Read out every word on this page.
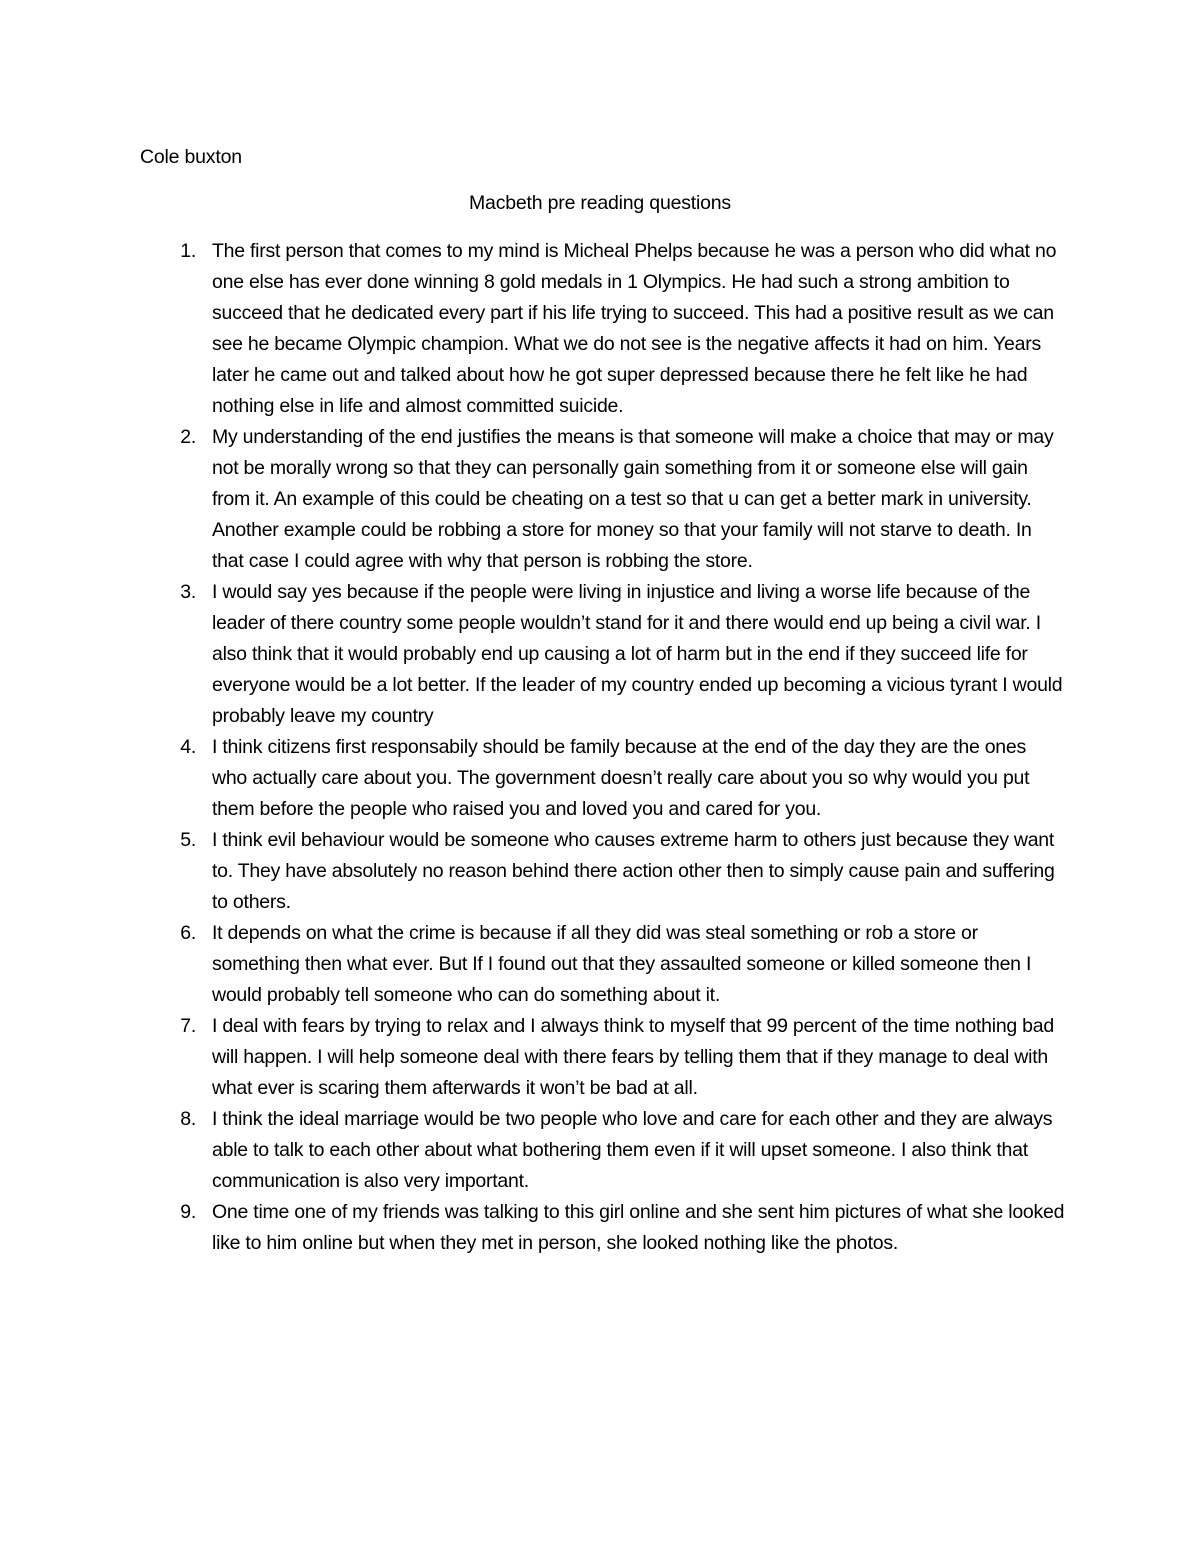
Cole buxton
Macbeth pre reading questions
1. The first person that comes to my mind is Micheal Phelps because he was a person who did what no one else has ever done winning 8 gold medals in 1 Olympics. He had such a strong ambition to succeed that he dedicated every part if his life trying to succeed. This had a positive result as we can see he became Olympic champion. What we do not see is the negative affects it had on him. Years later he came out and talked about how he got super depressed because there he felt like he had nothing else in life and almost committed suicide.
2. My understanding of the end justifies the means is that someone will make a choice that may or may not be morally wrong so that they can personally gain something from it or someone else will gain from it. An example of this could be cheating on a test so that u can get a better mark in university. Another example could be robbing a store for money so that your family will not starve to death. In that case I could agree with why that person is robbing the store.
3. I would say yes because if the people were living in injustice and living a worse life because of the leader of there country some people wouldn’t stand for it and there would end up being a civil war. I also think that it would probably end up causing a lot of harm but in the end if they succeed life for everyone would be a lot better. If the leader of my country ended up becoming a vicious tyrant I would probably leave my country
4. I think citizens first responsabily should be family because at the end of the day they are the ones who actually care about you. The government doesn’t really care about you so why would you put them before the people who raised you and loved you and cared for you.
5. I think evil behaviour would be someone who causes extreme harm to others just because they want to. They have absolutely no reason behind there action other then to simply cause pain and suffering to others.
6. It depends on what the crime is because if all they did was steal something or rob a store or something then what ever. But If I found out that they assaulted someone or killed someone then I would probably tell someone who can do something about it.
7. I deal with fears by trying to relax and I always think to myself that 99 percent of the time nothing bad will happen. I will help someone deal with there fears by telling them that if they manage to deal with what ever is scaring them afterwards it won’t be bad at all.
8. I think the ideal marriage would be two people who love and care for each other and they are always able to talk to each other about what bothering them even if it will upset someone. I also think that communication is also very important.
9. One time one of my friends was talking to this girl online and she sent him pictures of what she looked like to him online but when they met in person, she looked nothing like the photos.
